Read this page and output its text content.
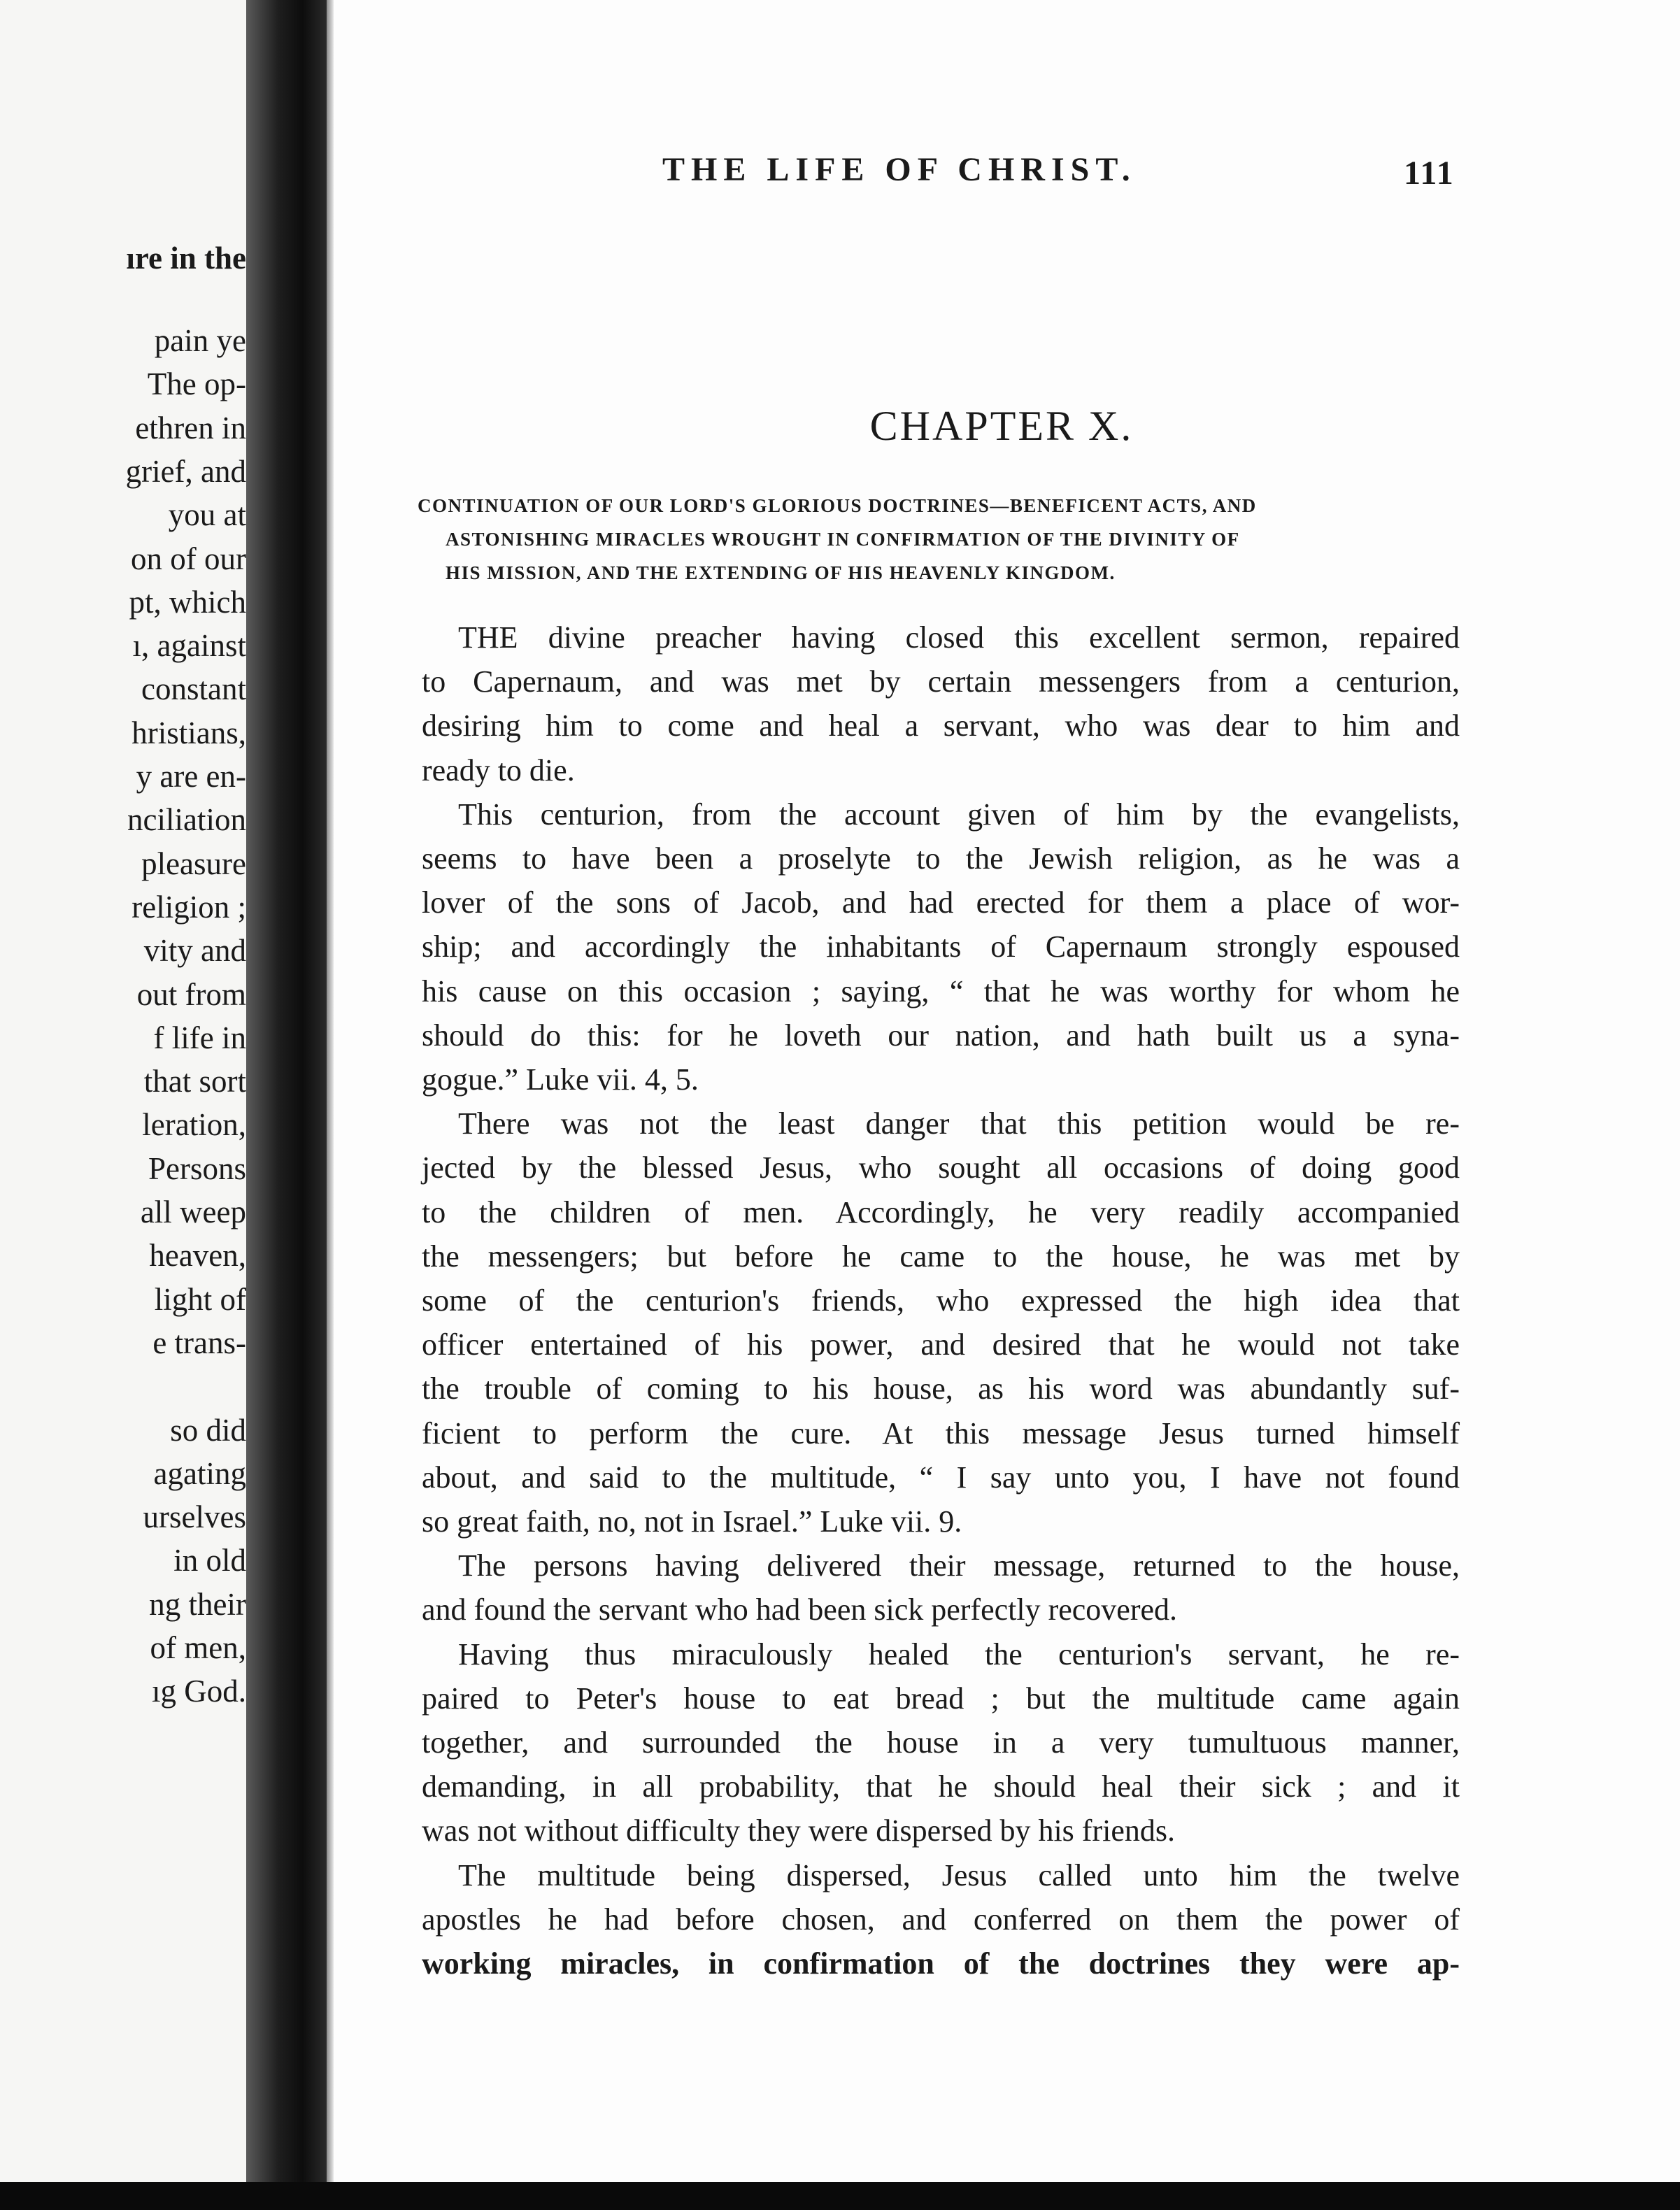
ıre in the
pain ye
The op-
ethren in
grief, and
you at
on of our
pt, which
ı, against
constant
hristians,
y are en-
nciliation
pleasure
religion ;
vity and
out from
f life in
that sort
leration,
Persons
all weep
heaven,
light of
e trans-
so did
agating
urselves
in old
ng their
of men,
ıg God.
THE LIFE OF CHRIST.	111
CHAPTER X.
CONTINUATION OF OUR LORD'S GLORIOUS DOCTRINES—BENEFICENT ACTS, AND
ASTONISHING MIRACLES WROUGHT IN CONFIRMATION OF THE DIVINITY OF
HIS MISSION, AND THE EXTENDING OF HIS HEAVENLY KINGDOM.
THE divine preacher having closed this excellent sermon, repaired
to Capernaum, and was met by certain messengers from a centurion,
desiring him to come and heal a servant, who was dear to him and
ready to die.
This centurion, from the account given of him by the evangelists,
seems to have been a proselyte to the Jewish religion, as he was a
lover of the sons of Jacob, and had erected for them a place of wor-
ship; and accordingly the inhabitants of Capernaum strongly espoused
his cause on this occasion ; saying, “ that he was worthy for whom he
should do this: for he loveth our nation, and hath built us a syna-
gogue.” Luke vii. 4, 5.
There was not the least danger that this petition would be re-
jected by the blessed Jesus, who sought all occasions of doing good
to the children of men. Accordingly, he very readily accompanied
the messengers; but before he came to the house, he was met by
some of the centurion's friends, who expressed the high idea that
officer entertained of his power, and desired that he would not take
the trouble of coming to his house, as his word was abundantly suf-
ficient to perform the cure. At this message Jesus turned himself
about, and said to the multitude, “ I say unto you, I have not found
so great faith, no, not in Israel.” Luke vii. 9.
The persons having delivered their message, returned to the house,
and found the servant who had been sick perfectly recovered.
Having thus miraculously healed the centurion's servant, he re-
paired to Peter's house to eat bread ; but the multitude came again
together, and surrounded the house in a very tumultuous manner,
demanding, in all probability, that he should heal their sick ; and it
was not without difficulty they were dispersed by his friends.
The multitude being dispersed, Jesus called unto him the twelve
apostles he had before chosen, and conferred on them the power of
working miracles, in confirmation of the doctrines they were ap-
